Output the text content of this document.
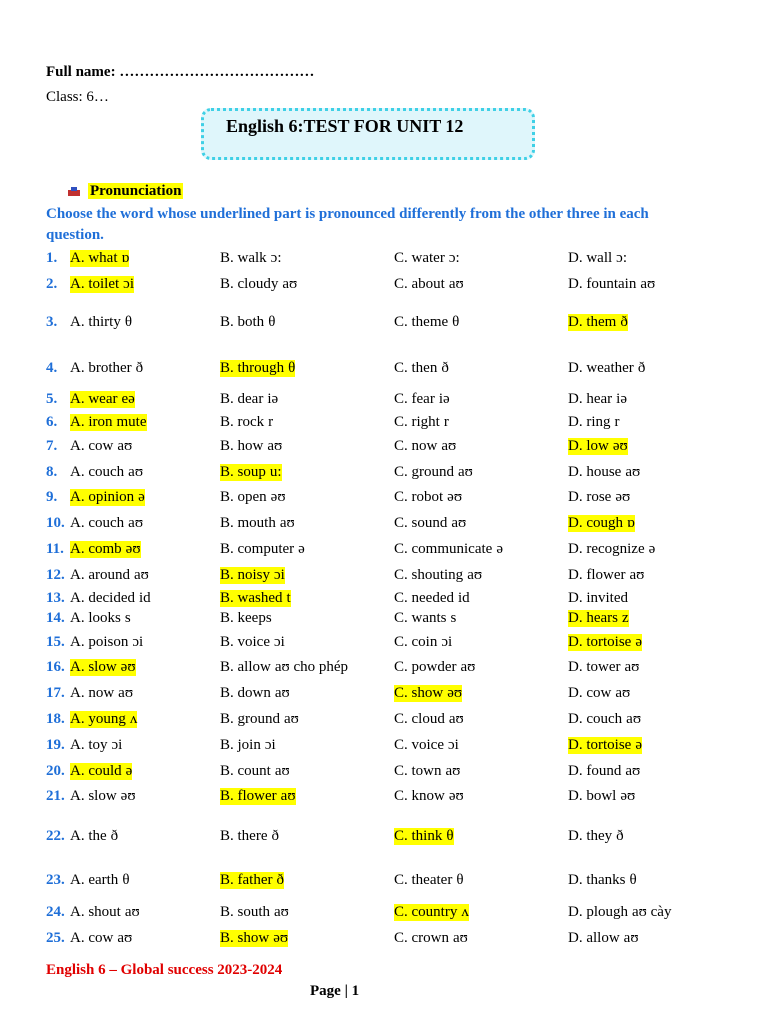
Full name: …………………………………
Class: 6…
English 6:TEST FOR UNIT 12
Pronunciation
Choose the word whose underlined part is pronounced differently from the other three in each question.
1. A. what ɒ	B. walk ɔ:	C. water ɔ:	D. wall ɔ:
2. A. toilet ɔi	B. cloudy aʊ	C. about aʊ	D. fountain aʊ
3. A. thirty θ	B. both θ	C. theme θ	D. them ð
4. A. brother ð	B. through θ	C. then ð	D. weather ð
5. A. wear eə	B. dear iə	C. fear iə	D. hear iə
6. A. iron mute	B. rock r	C. right r	D. ring r
7. A. cow aʊ	B. how aʊ	C. now aʊ	D. low əʊ
8. A. couch aʊ	B. soup u:	C. ground aʊ	D. house aʊ
9. A. opinion ə	B. open əʊ	C. robot əʊ	D. rose əʊ
10. A. couch aʊ	B. mouth aʊ	C. sound aʊ	D. cough ɒ
11. A. comb əʊ	B. computer ə	C. communicate ə	D. recognize ə
12. A. around aʊ	B. noisy ɔi	C. shouting aʊ	D. flower aʊ
13. A. decided id	B. washed t	C. needed id	D. invited
14. A. looks s	B. keeps	C. wants s	D. hears z
15. A. poison ɔi	B. voice ɔi	C. coin ɔi	D. tortoise ə
16. A. slow əʊ	B. allow aʊ cho phép	C. powder aʊ	D. tower aʊ
17. A. now aʊ	B. down aʊ	C. show əʊ	D. cow aʊ
18. A. young ʌ	B. ground aʊ	C. cloud aʊ	D. couch aʊ
19. A. toy ɔi	B. join ɔi	C. voice ɔi	D. tortoise ə
20. A. could ə	B. count aʊ	C. town aʊ	D. found aʊ
21. A. slow əʊ	B. flower aʊ	C. know əʊ	D. bowl əʊ
22. A. the ð	B. there ð	C. think θ	D. they ð
23. A. earth θ	B. father ð	C. theater θ	D. thanks θ
24. A. shout aʊ	B. south aʊ	C. country ʌ	D. plough aʊ cày
25. A. cow aʊ	B. show əʊ	C. crown aʊ	D. allow aʊ
English 6 – Global success 2023-2024
Page | 1
